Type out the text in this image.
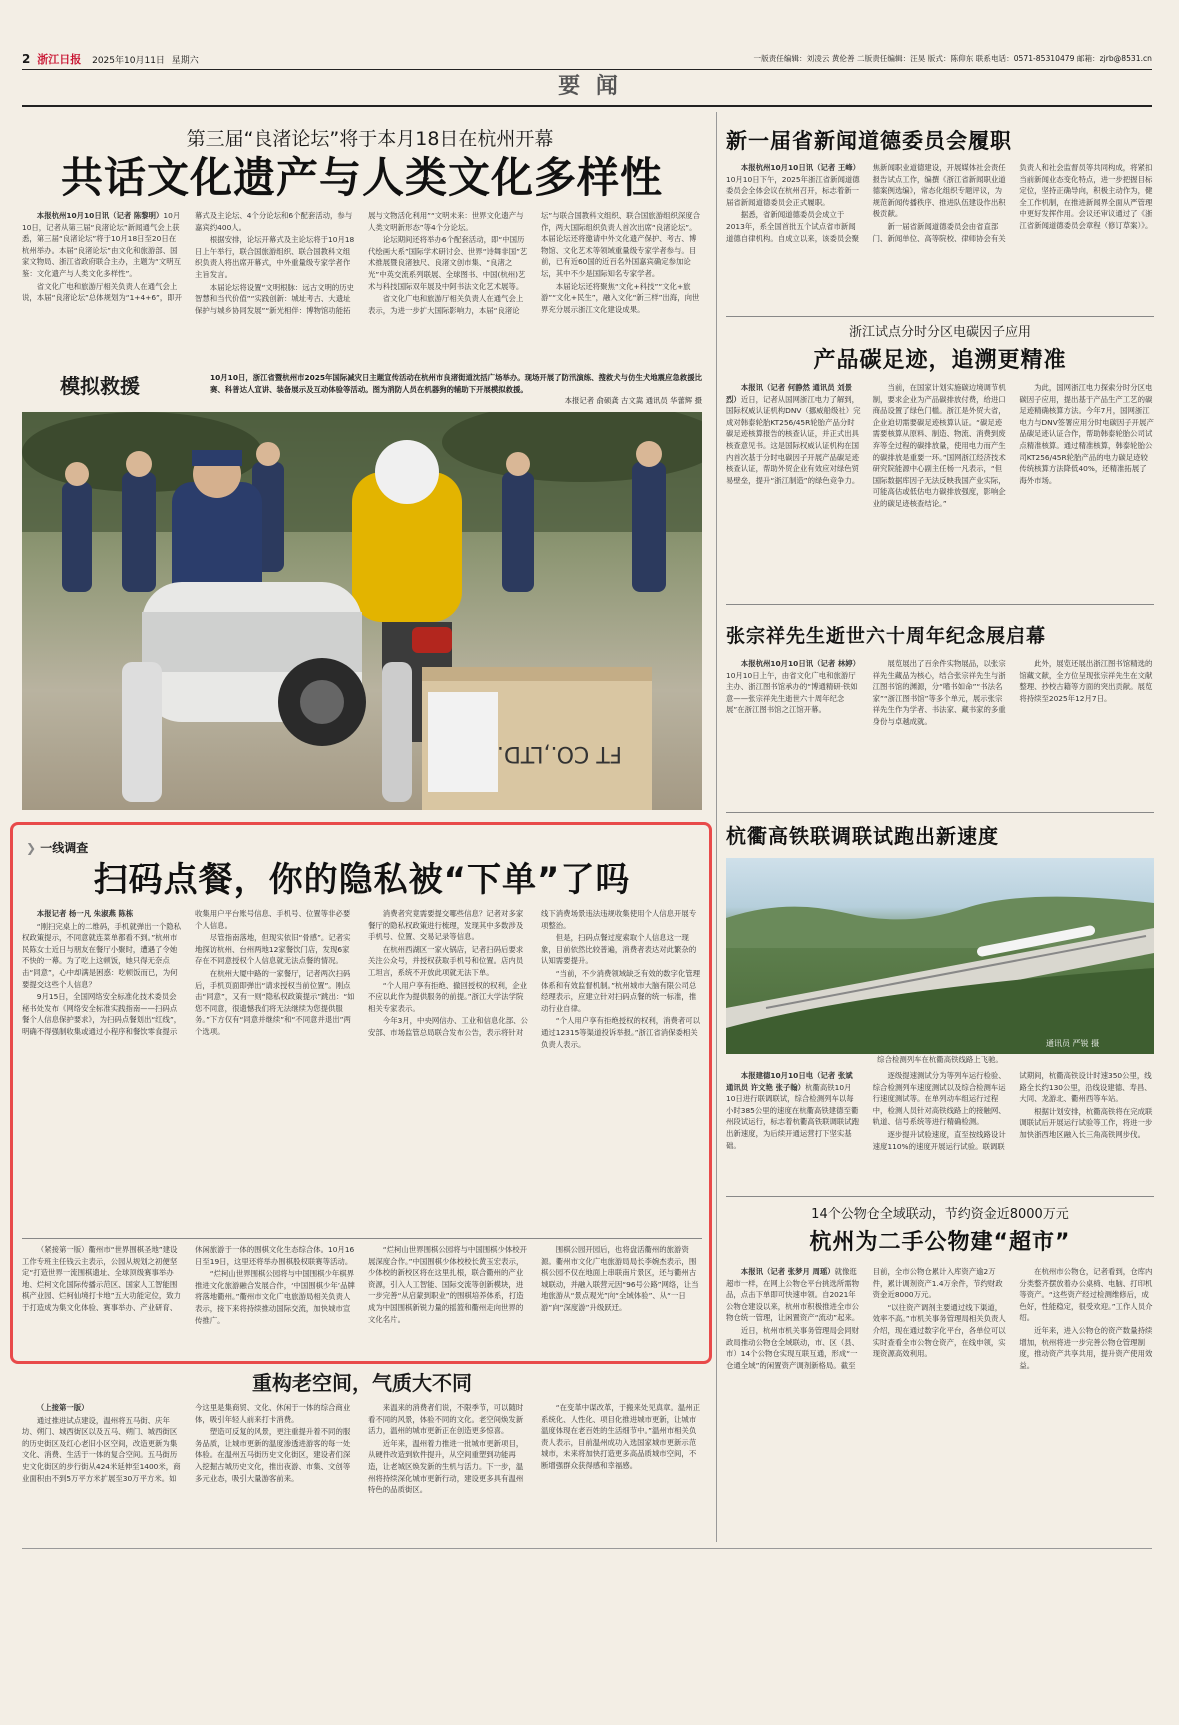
2 浙江日报 2025年10月11日 星期六	一版责任编辑：刘凌云 黄伦善 二版责任编辑：汪昊 版式：陈仰东 联系电话：0571-85310479 邮箱：zjrb@8531.cn
要 闻
第三届“良渚论坛”将于本月18日在杭州开幕
共话文化遗产与人类文化多样性

本报杭州10月10日讯（记者 陈黎明）10月10日，记者从第三届“良渚论坛”新闻通气会上获悉，第三届“良渚论坛”将于10月18日至20日在杭州举办。本届“良渚论坛”由文化和旅游部、国家文物局、浙江省政府联合主办，主题为“文明互鉴：文化遗产与人类文化多样性”。

省文化广电和旅游厅相关负责人在通气会上说，本届“良渚论坛”总体规划为“1+4+6”，即开幕式及主论坛、4个分论坛和6个配套活动，参与嘉宾约400人。

根据安排，论坛开幕式及主论坛将于10月18日上午举行，联合国旅游组织、联合国教科文组织负责人将出席开幕式，中外重量级专家学者作主旨发言。

本届论坛将设置“文明根脉：远古文明的历史智慧和当代价值”“实践创新：城址考古、大遗址保护与城乡协同发展”“新光相伴：博物馆功能拓展与文物活化利用”“文明未来：世界文化遗产与人类文明新形态”等4个分论坛。

论坛期间还将举办6个配套活动，即“中国历代绘画大系”国际学术研讨会、世界“诗舞非国”艺术推展暨良渚独尺、良渚文创市集、“良渚之光”中英交流系列联展、全球图书、中国(杭州)艺术与科技国际双年展及中阿书法文化艺术展等。

省文化广电和旅游厅相关负责人在通气会上表示，为进一步扩大国际影响力，本届“良渚论坛”与联合国教科文组织、联合国旅游组织深度合作，两大国际组织负责人首次出席“良渚论坛”。本届论坛还将邀请中外文化遗产保护、考古、博物馆、文化艺术等领域重量级专家学者参与。目前，已有近60国的近百名外国嘉宾确定参加论坛，其中不少是国际知名专家学者。

本届论坛还将聚焦“文化+科技”“文化+旅游”“文化+民生”，融入文化“新三样”出海，向世界充分展示浙江文化建设成果。

模拟救援	10月10日，浙江省暨杭州市2025年国际减灾日主题宣传活动在杭州市良渚街道沈括广场举办。现场开展了防汛演练、搜救犬与仿生犬地震应急救援比赛、科普达人宣讲、装备展示及互动体验等活动。图为消防人员在机器狗的辅助下开展模拟救援。
本报记者 俞硕龚 古文嵩 通讯员 华蕾辉 摄
FT CO.,LTD.
❯ 一线调查
扫码点餐，你的隐私被“下单”了吗

本报记者 杨一凡 朱淑燕 陈栋

“刚扫完桌上的二维码，手机就弹出一个隐私权政策提示，不同意就连菜单都看不到。”杭州市民陈女士近日与朋友在餐厅小聚时，遭遇了令她不快的一幕。为了吃上这顿饭，她只得无奈点击“同意”，心中却满是困惑：吃顿饭而已，为何要提交这些个人信息？

9月15日，全国网络安全标准化技术委员会秘书处发布《网络安全标准实践指南——扫码点餐个人信息保护要求》，为扫码点餐划出“红线”，明确不得强制收集或通过小程序和餐饮零食提示收集用户平台账号信息、手机号、位置等非必要个人信息。

尽管指南落地，但现实依旧“骨感”。记者实地探访杭州、台州两地12家餐饮门店，发现6家存在不同意授权个人信息就无法点餐的情况。

在杭州大厦中路的一家餐厅，记者两次扫码后，手机页面即弹出“请求授权当前位置”。刚点击“同意”，又有一则“隐私权政策提示”跳出：“如您不同意，很遗憾我们将无法继续为您提供服务。”下方仅有“同意并继续”和“不同意并退出”两个选项。

消费者究竟需要提交哪些信息？记者对多家餐厅的隐私权政策进行梳理，发现其中多数涉及手机号、位置、交易记录等信息。

在杭州西湖区一家火锅店，记者扫码后要求关注公众号，并授权获取手机号和位置。店内员工坦言，系统不开放此项就无法下单。

“个人用户享有拒绝、撤回授权的权利，企业不应以此作为提供服务的前提。”浙江大学法学院相关专家表示。

今年3月，中央网信办、工业和信息化部、公安部、市场监管总局联合发布公告，表示将针对线下消费场景违法违规收集使用个人信息开展专项整治。

但是，扫码点餐过度索取个人信息这一现象，目前依然比较普遍，消费者表达对此繁杂的认知需要提升。

“当前，不少消费领域缺乏有效的数字化管理体系和有效监督机制。”杭州城市大脑有限公司总经理表示，应建立针对扫码点餐的统一标准，推动行业自律。

“个人用户享有拒绝授权的权利，消费者可以通过12315等渠道投诉举报。”浙江省消保委相关负责人表示。

（紧接第一版）衢州市“世界围棋圣地”建设工作专班主任钱云主表示，公园从规划之初便坚定“打造世界一流围棋遗址、全球顶级赛事举办地、烂柯文化国际传播示范区、国家人工智能围棋产业园、烂柯仙境打卡地”五大功能定位，致力于打造成为集文化体验、赛事举办、产业研育、休闲旅游于一体的围棋文化生态综合体。10月16日至19日，这里还将举办围棋股权联赛等活动。

“烂柯山世界围棋公园将与中国围棋少年棋界推进文化旅游融合发展合作，‘中国围棋少年’品牌将落地衢州。”衢州市文化广电旅游局相关负责人表示，接下来将持续推动国际交流，加快城市宣传推广。

“烂柯山世界围棋公园将与中国围棋少体校开展深度合作。”中国围棋少体校校长黄玉宏表示，少体校的新校区将在这里扎根，联合衢州的产业资源，引入人工智能、国际交流等创新模块，进一步完善“从启蒙到职业”的围棋培养体系，打造成为中国围棋新锐力量的摇篮和衢州走向世界的文化名片。

围棋公园开园后，也将盘活衢州的旅游资源。衢州市文化广电旅游局局长李婉杰表示，围棋公园不仅在地面上串联南片景区，还与衢州古城联动，并融入联营元因“96号公路”网络，让当地旅游从“景点观光”向“全域体验”、从“一日游”向“深度游”升级跃迁。

重构老空间，气质大不同

（上接第一版）

通过推进试点建设，温州将五马街、庆年坊、朔门、城西街区以及五马、朔门、城西街区的历史街区及红心老旧小区空间，改造更新为集文化、消费、生活于一体的复合空间。五马街历史文化街区的步行街从424米延伸至1400米，商业面积由不到5万平方米扩展至30万平方米。如今这里是集商贸、文化、休闲于一体的综合商业体，吸引年轻人前来打卡消费。

塑造可反复的风景，更注重提升着不同的服务品质，让城市更新的温度渗透进游客的每一处体验。在温州五马街历史文化街区，建设者们深入挖掘古城历史文化，推出夜游、市集、文创等多元业态，吸引大量游客前来。

来温来的消费者们说，不限季节，可以随时看不同的风景，体验不同的文化。老空间焕发新活力，温州的城市更新正在创造更多惊喜。

近年来，温州着力推进一批城市更新项目，从硬件改造到软件提升，从空间重塑到功能再造，让老城区焕发新的生机与活力。下一步，温州将持续深化城市更新行动，建设更多具有温州特色的品质街区。

“在变革中谋改革，于搬来处见真章。温州正系统化、人性化、项目化推进城市更新，让城市温度体现在老百姓的生活细节中。”温州市相关负责人表示，目前温州成功入选国家城市更新示范城市，未来将加快打造更多高品质城市空间，不断增强群众获得感和幸福感。

新一届省新闻道德委员会履职

本报杭州10月10日讯（记者 王峰）10月10日下午，2025年浙江省新闻道德委员会全体会议在杭州召开，标志着新一届省新闻道德委员会正式履职。

据悉，省新闻道德委员会成立于2013年，系全国首批五个试点省市新闻道德自律机构。自成立以来，该委员会聚焦新闻职业道德建设，开展媒体社会责任报告试点工作，编撰《浙江省新闻职业道德案例选编》，常态化组织专题评议，为规范新闻传播秩序、推进队伍建设作出积极贡献。

新一届省新闻道德委员会由省直部门、新闻单位、高等院校、律师协会有关负责人和社会监督员等共同构成，将紧扣当前新闻业态变化特点，进一步把握目标定位，坚持正确导向，积极主动作为，健全工作机制，在推进新闻界全面从严管理中更好发挥作用。会议还审议通过了《浙江省新闻道德委员会章程（修订草案）》。

浙江试点分时分区电碳因子应用
产品碳足迹，追溯更精准

本报讯（记者 何静然 通讯员 刘景烈）近日，记者从国网浙江电力了解到，国际权威认证机构DNV（挪威船级社）完成对韩泰轮胎KT256/45R轮胎产品分时碳足迹核算报告的核查认证，并正式出具核查意见书。这是国际权威认证机构在国内首次基于分时电碳因子开展产品碳足迹核查认证，帮助外贸企业有效应对绿色贸易壁垒，提升“浙江制造”的绿色竞争力。

当前，在国家计划实施碳边境调节机制，要求企业为产品碳排放付费，给进口商品设置了绿色门槛。浙江是外贸大省，企业迫切需要碳足迹核算认证。“碳足迹需要核算从原料、制造、物流、消费到废弃等全过程的碳排放量，使用电力而产生的碳排放是重要一环。”国网浙江经济技术研究院能源中心副主任杨一凡表示，“但国际数据库因子无法反映我国产业实际，可能高估或低估电力碳排放强度，影响企业的碳足迹核查结论。”

为此，国网浙江电力探索分时分区电碳因子应用，提出基于产品生产工艺的碳足迹精确核算方法。今年7月，国网浙江电力与DNV签署应用分时电碳因子开展产品碳足迹认证合作，帮助韩泰轮胎公司试点精准核算。通过精准核算，韩泰轮胎公司KT256/45R轮胎产品的电力碳足迹较传统核算方法降低40%，还精准拓展了海外市场。

张宗祥先生逝世六十周年纪念展启幕

本报杭州10月10日讯（记者 林婷）10月10日上午，由省文化广电和旅游厅主办、浙江图书馆承办的“博通精研·铁如意——张宗祥先生逝世六十周年纪念展”在浙江图书馆之江馆开幕。

展览展出了百余件实物展品，以张宗祥先生藏品为核心，结合张宗祥先生与浙江图书馆的渊源，分“嗜书如命”“书法名家”“浙江图书馆”等多个单元，展示张宗祥先生作为学者、书法家、藏书家的多重身份与卓越成就。

此外，展览还展出浙江图书馆精选的馆藏文献，全方位呈现张宗祥先生在文献整理、抄校古籍等方面的突出贡献。展览将持续至2025年12月7日。

杭衢高铁联调联试跑出新速度
通讯员 严锐 摄
综合检测列车在杭衢高铁线路上飞驰。

本报建德10月10日电（记者 张斌 通讯员 许文艳 张子翰）杭衢高铁10月10日进行联调联试，综合检测列车以每小时385公里的速度在杭衢高铁建德至衢州段试运行，标志着杭衢高铁联调联试跑出新速度，为后续开通运营打下坚实基础。

逐级提速测试分为等列车运行检验、综合检测列车速度测试以及综合检测车运行速度测试等。在单列动车组运行过程中，检测人员针对高铁线路上的接触网、轨道、信号系统等进行精确检测。

逐步提升试验速度，直至按线路设计速度110%的速度开展运行试验。联调联试期间，杭衢高铁设计时速350公里，线路全长约130公里，沿线设建德、寿昌、大同、龙游北、衢州西等车站。

根据计划安排，杭衢高铁将在完成联调联试后开展运行试验等工作，将进一步加快浙西地区融入长三角高铁网步伐。

14个公物仓全域联动，节约资金近8000万元
杭州为二手公物建“超市”

本报讯（记者 张梦月 周瑶）就像逛超市一样，在网上公物仓平台挑选所需物品，点击下单即可快速申领。自2021年公物仓建设以来，杭州市积极推进全市公物仓统一管理，让闲置资产“流动”起来。

近日，杭州市机关事务管理局会同财政局推动公物仓全域联动，市、区（县、市）14个公物仓实现互联互通，形成“一仓通全域”的闲置资产调剂新格局。截至目前，全市公物仓累计入库资产逾2万件，累计调剂资产1.4万余件，节约财政资金近8000万元。

“以往资产调剂主要通过线下渠道，效率不高。”市机关事务管理局相关负责人介绍，现在通过数字化平台，各单位可以实时查看全市公物仓资产，在线申领，实现资源高效利用。

在杭州市公物仓，记者看到，仓库内分类整齐摆放着办公桌椅、电脑、打印机等资产。“这些资产经过检测维修后，成色好，性能稳定，很受欢迎。”工作人员介绍。

近年来，进入公物仓的资产数量持续增加，杭州将进一步完善公物仓管理制度，推动资产共享共用，提升资产使用效益。
